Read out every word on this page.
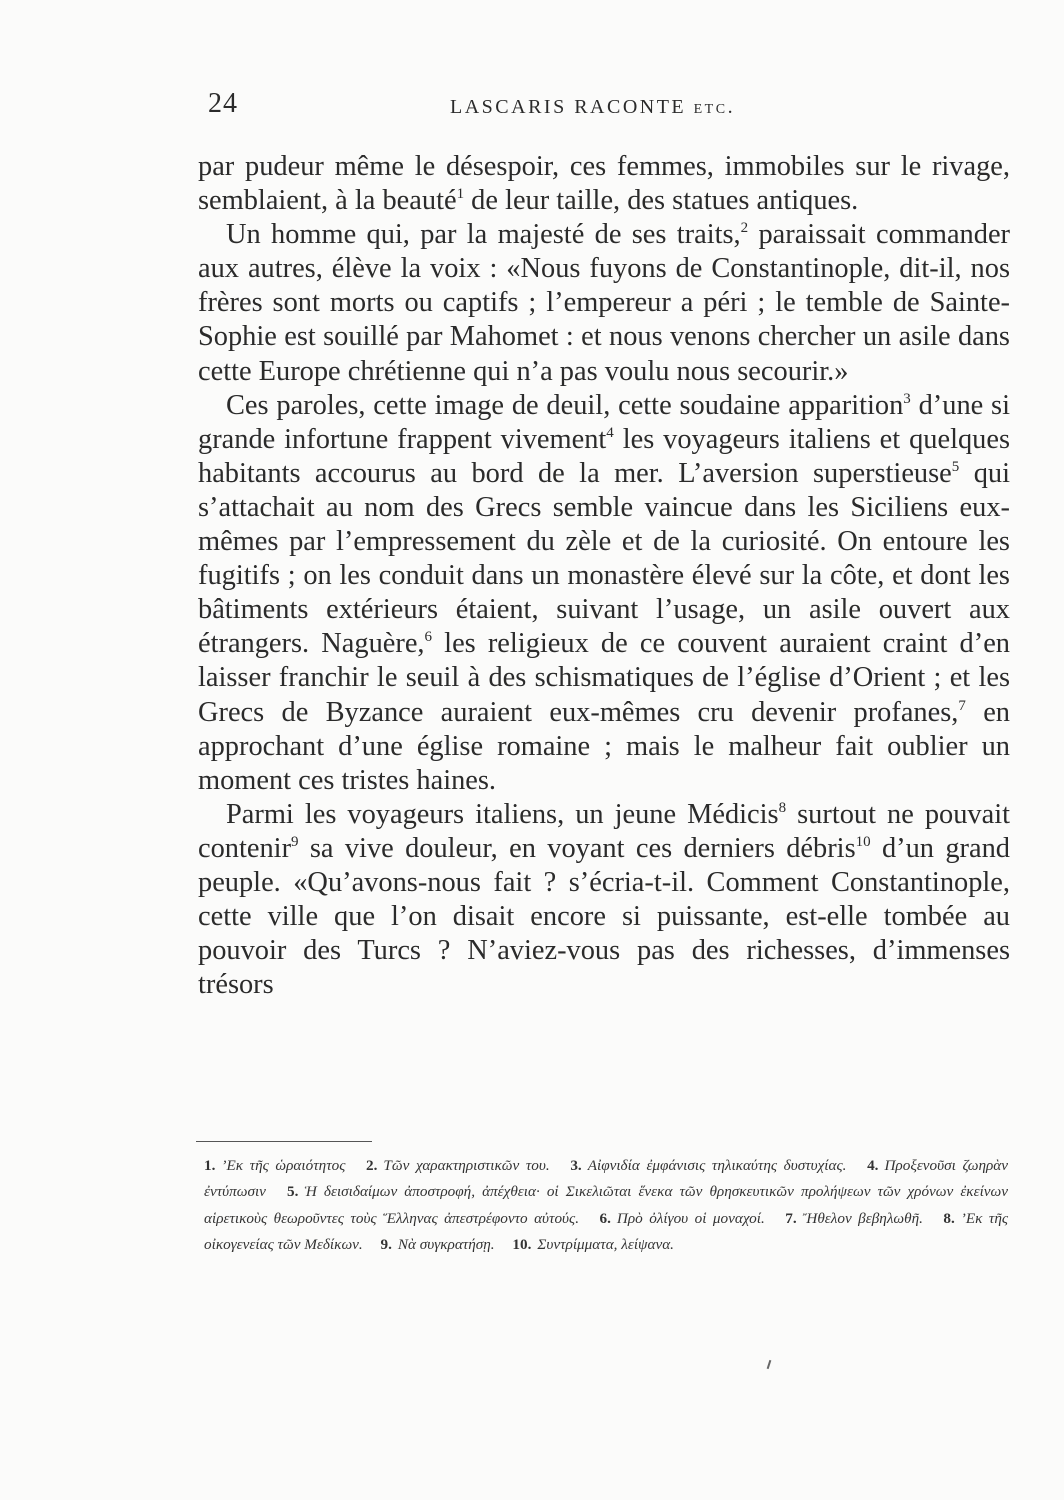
24	LASCARIS RACONTE etc.

par pudeur même le désespoir, ces femmes, immobiles sur le rivage, semblaient, à la beauté$^1$ de leur taille, des statues antiques.

Un homme qui, par la majesté de ses traits,$^2$ paraissait commander aux autres, élève la voix : «Nous fuyons de Constantinople, dit-il, nos frères sont morts ou captifs ; l’empereur a péri ; le temble de Sainte-Sophie est souillé par Mahomet : et nous venons chercher un asile dans cette Europe chrétienne qui n’a pas voulu nous secourir.»

Ces paroles, cette image de deuil, cette soudaine apparition$^3$ d’une si grande infortune frappent vivement$^4$ les voyageurs italiens et quelques habitants accourus au bord de la mer. L’aversion superstieuse$^5$ qui s’attachait au nom des Grecs semble vaincue dans les Siciliens eux-mêmes par l’empressement du zèle et de la curiosité. On entoure les fugitifs ; on les conduit dans un monastère élevé sur la côte, et dont les bâtiments extérieurs étaient, suivant l’usage, un asile ouvert aux étrangers. Naguère,$^6$ les religieux de ce couvent auraient craint d’en laisser franchir le seuil à des schismatiques de l’église d’Orient ; et les Grecs de Byzance auraient eux-mêmes cru devenir profanes,$^7$ en approchant d’une église romaine ; mais le malheur fait oublier un moment ces tristes haines.

Parmi les voyageurs italiens, un jeune Médicis$^8$ surtout ne pouvait contenir$^9$ sa vive douleur, en voyant ces derniers débris$^{10}$ d’un grand peuple. «Qu’avons-nous fait ? s’écria-t-il. Comment Constantinople, cette ville que l’on disait encore si puissante, est-elle tombée au pouvoir des Turcs ? N’aviez-vous pas des richesses, d’immenses trésors

1. ’Εκ τῆς ὡραιότητος 2. Τῶν χαρακτηριστικῶν του. 3. Αἰφνιδία ἐμφάνισις τηλικαύτης δυστυχίας. 4. Προξενοῦσι ζωηρὰν ἐντύπωσιν 5. Ἡ δεισιδαίμων ἀποστροφή, ἀπέχθεια· οἱ Σικελιῶται ἕνεκα τῶν θρησκευτικῶν προλήψεων τῶν χρόνων ἐκείνων αἱρετικοὺς θεωροῦντες τοὺς Ἕλληνας ἀπεστρέφοντο αὐτούς. 6. Πρὸ ὀλίγου οἱ μοναχοί. 7. Ἤθελον βεβηλωθῆ. 8. ’Εκ τῆς οἰκογενείας τῶν Μεδίκων. 9. Νὰ συγκρατήσῃ. 10. Συντρίμματα, λείψανα.
